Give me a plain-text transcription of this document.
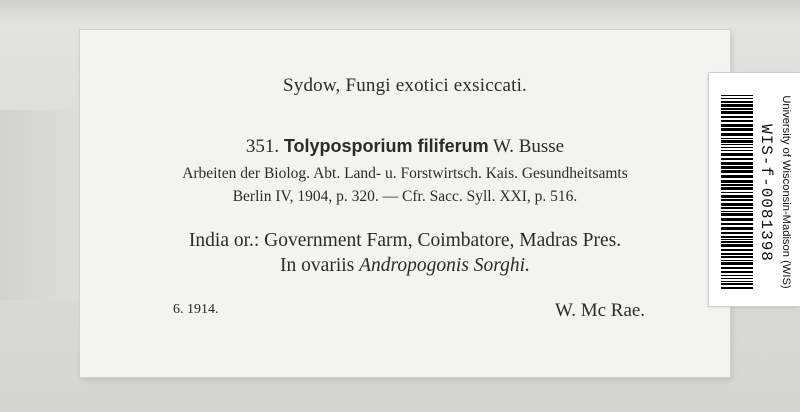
Sydow, Fungi exotici exsiccati.
351. Tolyposporium filiferum W. Busse
Arbeiten der Biolog. Abt. Land- u. Forstwirtsch. Kais. Gesundheitsamts
Berlin IV, 1904, p. 320. — Cfr. Sacc. Syll. XXI, p. 516.
India or.: Government Farm, Coimbatore, Madras Pres.
In ovariis Andropogonis Sorghi.
6. 1914.	W. Mc Rae.
WIS-f-0081398 University of Wisconsin-Madison (WIS)
